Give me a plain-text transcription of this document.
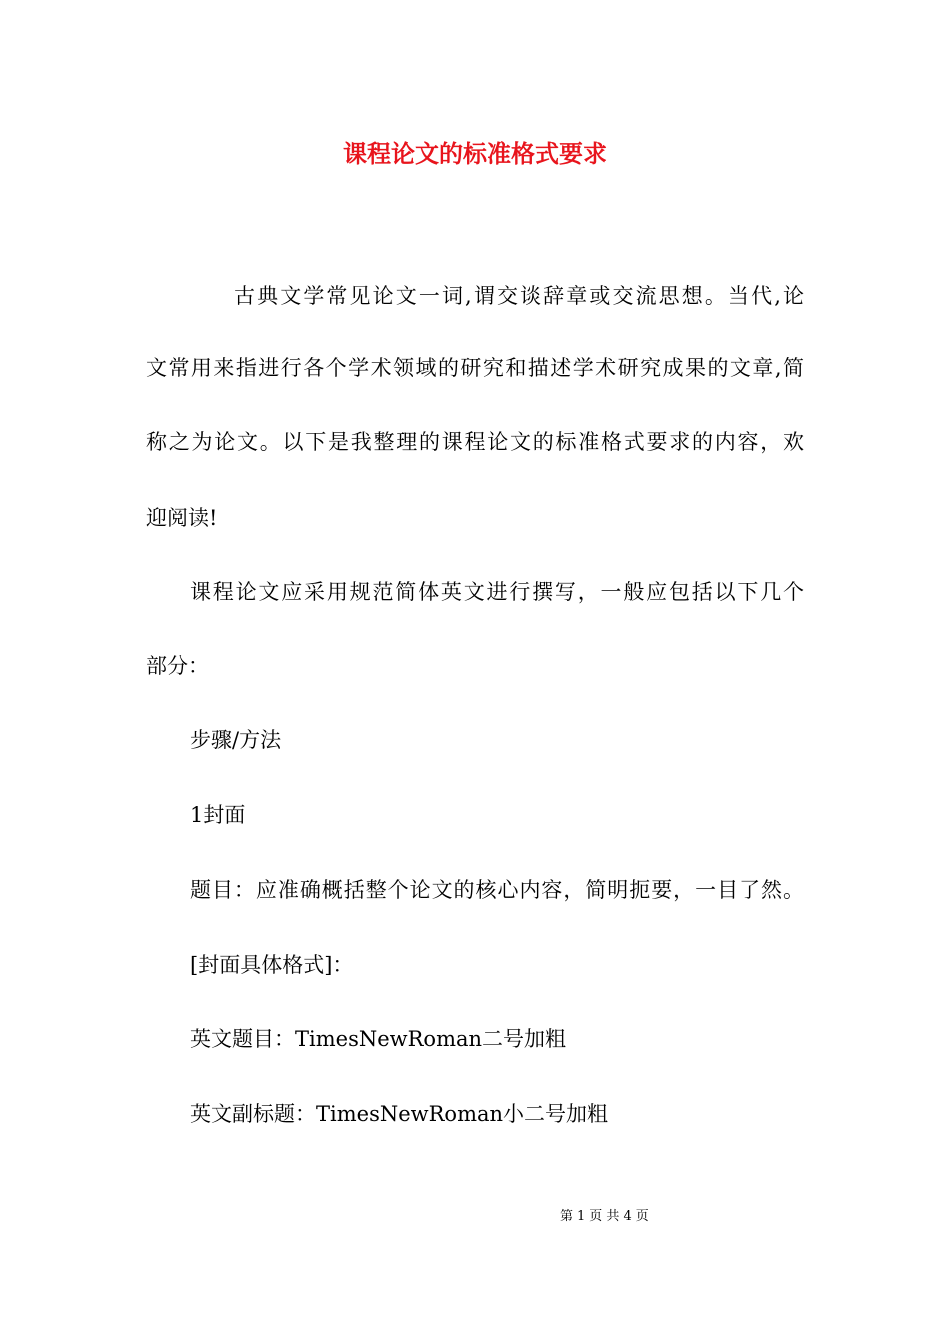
课程论文的标准格式要求

古典文学常见论文一词,谓交谈辞章或交流思想。当代,论

文常用来指进行各个学术领域的研究和描述学术研究成果的文章,简

称之为论文。以下是我整理的课程论文的标准格式要求的内容，欢

迎阅读!

课程论文应采用规范简体英文进行撰写，一般应包括以下几个

部分：

步骤/方法

1封面

题目：应准确概括整个论文的核心内容，简明扼要，一目了然。

[封面具体格式]：

英文题目：TimesNewRoman二号加粗

英文副标题：TimesNewRoman小二号加粗

第 1 页 共 4 页
